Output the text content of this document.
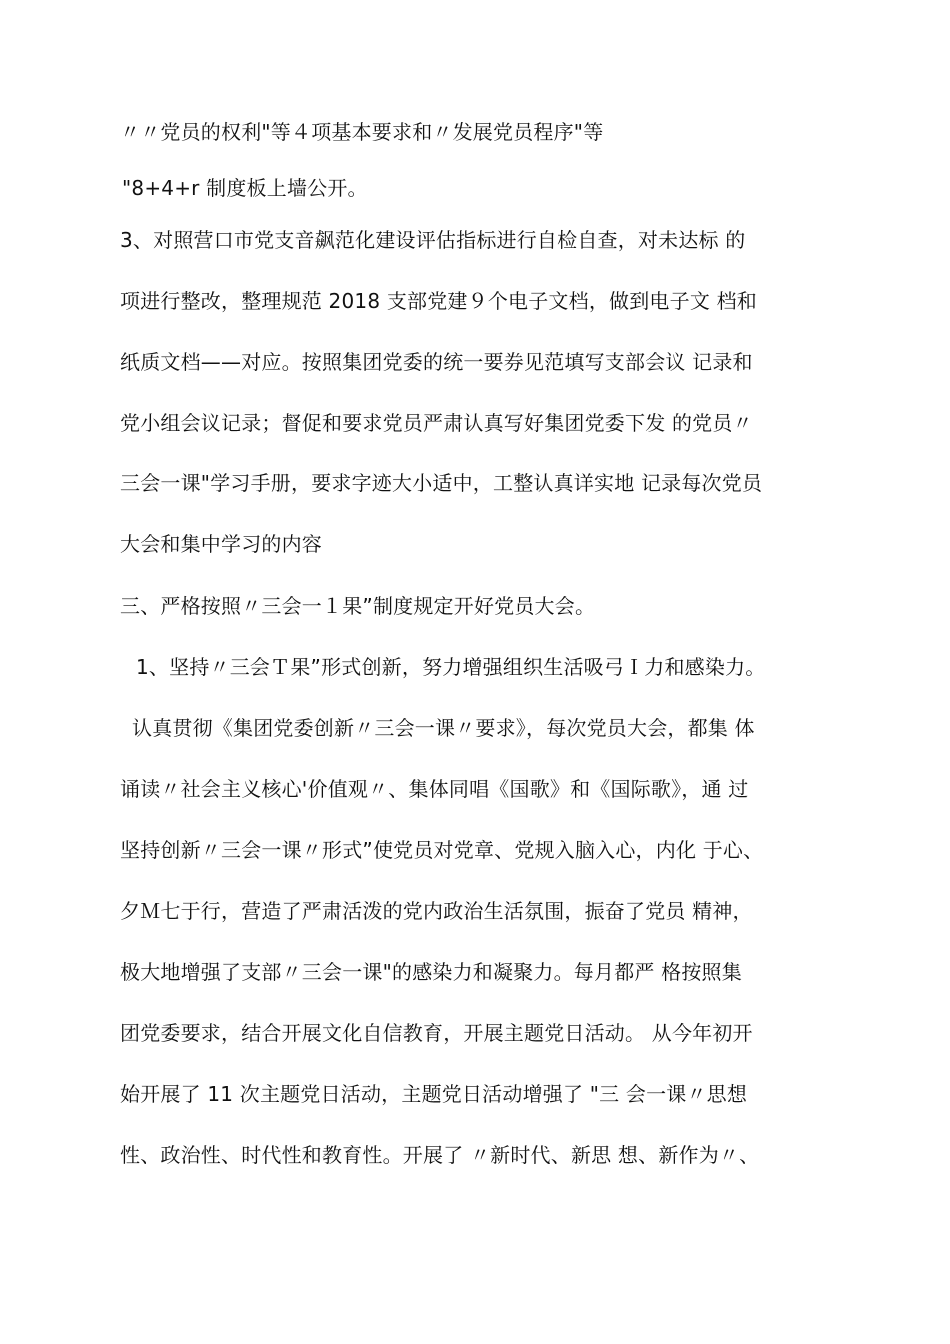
〃〃党员的权利"等４项基本要求和〃发展党员程序"等
"8+4+r 制度板上墙公开。
3、对照营口市党支音飙范化建设评估指标进行自检自查，对未达标 的
项进行整改，整理规范 2018 支部党建９个电子文档，做到电子文 档和
纸质文档——对应。按照集团党委的统一要券见范填写支部会议 记录和
党小组会议记录；督促和要求党员严肃认真写好集团党委下发 的党员〃
三会一课"学习手册，要求字迹大小适中，工整认真详实地 记录每次党员
大会和集中学习的内容
三、严格按照〃三会一１果”制度规定开好党员大会。
1、坚持〃三会Ｔ果”形式创新，努力增强组织生活吸弓Ｉ力和感染力。
认真贯彻《集团党委创新〃三会一课〃要求》，每次党员大会，都集 体
诵读〃社会主义核心'价值观〃、集体同唱《国歌》和《国际歌》，通 过
坚持创新〃三会一课〃形式”使党员对党章、党规入脑入心，内化 于心、
夕Ｍ七于行，营造了严肃活泼的党内政治生活氛围，振奋了党员 精神，
极大地增强了支部〃三会一课"的感染力和凝聚力。每月都严 格按照集
团党委要求，结合开展文化自信教育，开展主题党日活动。 从今年初开
始开展了 11 次主题党日活动，主题党日活动增强了 "三 会一课〃思想
性、政治性、时代性和教育性。开展了 〃新时代、新思 想、新作为〃、
